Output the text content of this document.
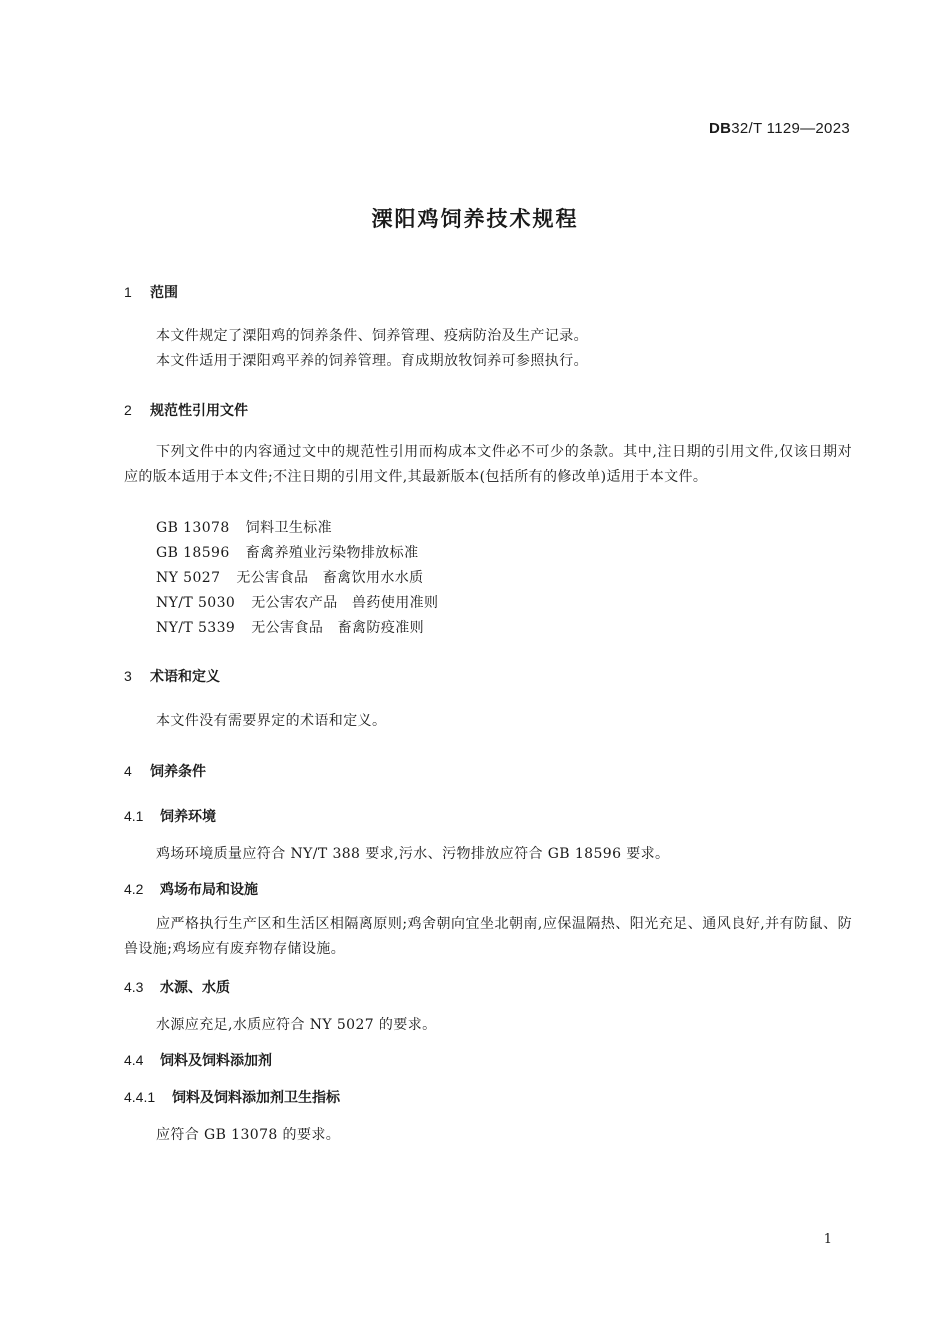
DB32/T 1129—2023
溧阳鸡饲养技术规程
1 范围
本文件规定了溧阳鸡的饲养条件、饲养管理、疫病防治及生产记录。
本文件适用于溧阳鸡平养的饲养管理。育成期放牧饲养可参照执行。
2 规范性引用文件
下列文件中的内容通过文中的规范性引用而构成本文件必不可少的条款。其中,注日期的引用文件,仅该日期对应的版本适用于本文件;不注日期的引用文件,其最新版本(包括所有的修改单)适用于本文件。
GB 13078 饲料卫生标准
GB 18596 畜禽养殖业污染物排放标准
NY 5027 无公害食品　畜禽饮用水水质
NY/T 5030 无公害农产品　兽药使用准则
NY/T 5339 无公害食品　畜禽防疫准则
3 术语和定义
本文件没有需要界定的术语和定义。
4 饲养条件
4.1 饲养环境
鸡场环境质量应符合 NY/T 388 要求,污水、污物排放应符合 GB 18596 要求。
4.2 鸡场布局和设施
应严格执行生产区和生活区相隔离原则;鸡舍朝向宜坐北朝南,应保温隔热、阳光充足、通风良好,并有防鼠、防兽设施;鸡场应有废弃物存储设施。
4.3 水源、水质
水源应充足,水质应符合 NY 5027 的要求。
4.4 饲料及饲料添加剂
4.4.1 饲料及饲料添加剂卫生指标
应符合 GB 13078 的要求。
1
